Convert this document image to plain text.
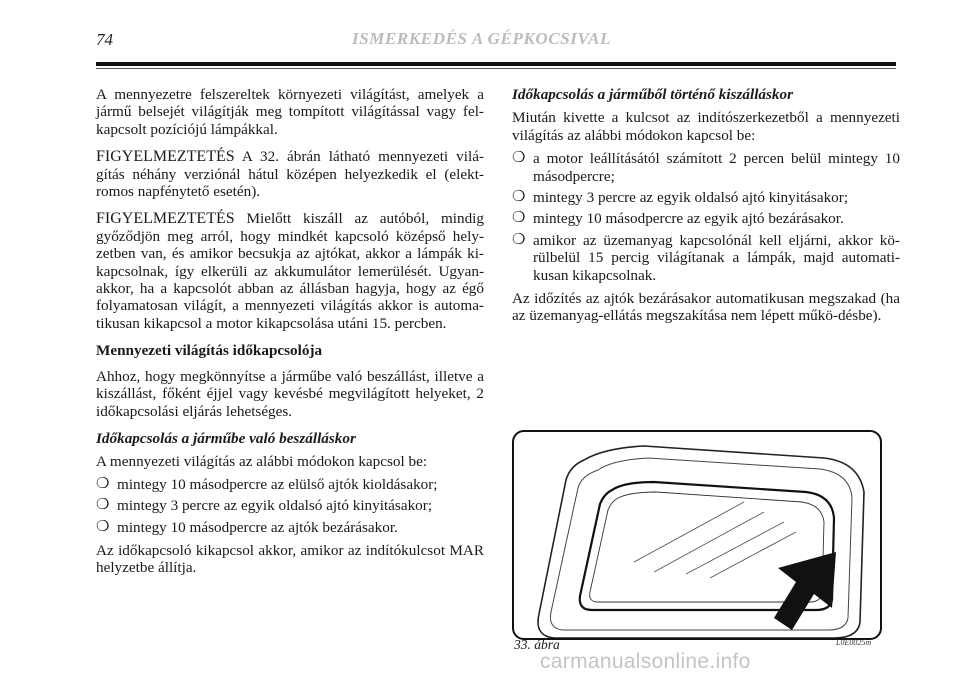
74	ISMERKEDÉS A GÉPKOCSIVAL

A mennyezetre felszereltek környezeti világítást, amelyek a jármű belsejét világítják meg tompított világítással vagy fel-kapcsolt pozíciójú lámpákkal.

FIGYELMEZTETÉS A 32. ábrán látható mennyezeti vilá-gítás néhány verziónál hátul középen helyezkedik el (elekt-romos napfénytető esetén).

FIGYELMEZTETÉS Mielőtt kiszáll az autóból, mindig győződjön meg arról, hogy mindkét kapcsoló középső hely-zetben van, és amikor becsukja az ajtókat, akkor a lámpák ki-kapcsolnak, így elkerüli az akkumulátor lemerülését. Ugyan-akkor, ha a kapcsolót abban az állásban hagyja, hogy az égő folyamatosan világít, a mennyezeti világítás akkor is automa-tikusan kikapcsol a motor kikapcsolása utáni 15. percben.

Mennyezeti világítás időkapcsolója

Ahhoz, hogy megkönnyítse a járműbe való beszállást, illetve a kiszállást, főként éjjel vagy kevésbé megvilágított helyeket, 2 időkapcsolási eljárás lehetséges.

Időkapcsolás a járműbe való beszálláskor

A mennyezeti világítás az alábbi módokon kapcsol be:

❍ mintegy 10 másodpercre az elülső ajtók kioldásakor;
❍ mintegy 3 percre az egyik oldalsó ajtó kinyitásakor;
❍ mintegy 10 másodpercre az ajtók bezárásakor.

Az időkapcsoló kikapcsol akkor, amikor az indítókulcsot MAR helyzetbe állítja.

Időkapcsolás a járműből történő kiszálláskor

Miután kivette a kulcsot az indítószerkezetből a mennyezeti világítás az alábbi módokon kapcsol be:

❍ a motor leállításától számított 2 percen belül mintegy 10 másodpercre;
❍ mintegy 3 percre az egyik oldalsó ajtó kinyitásakor;
❍ mintegy 10 másodpercre az egyik ajtó bezárásakor.
❍ amikor az üzemanyag kapcsolónál kell eljárni, akkor kö-rülbelül 15 percig világítanak a lámpák, majd automati-kusan kikapcsolnak.

Az időzítés az ajtók bezárásakor automatikusan megszakad (ha az üzemanyag-ellátás megszakítása nem lépett műkö-désbe).

33. ábra	L0E0025m
carmanualsonline.info
